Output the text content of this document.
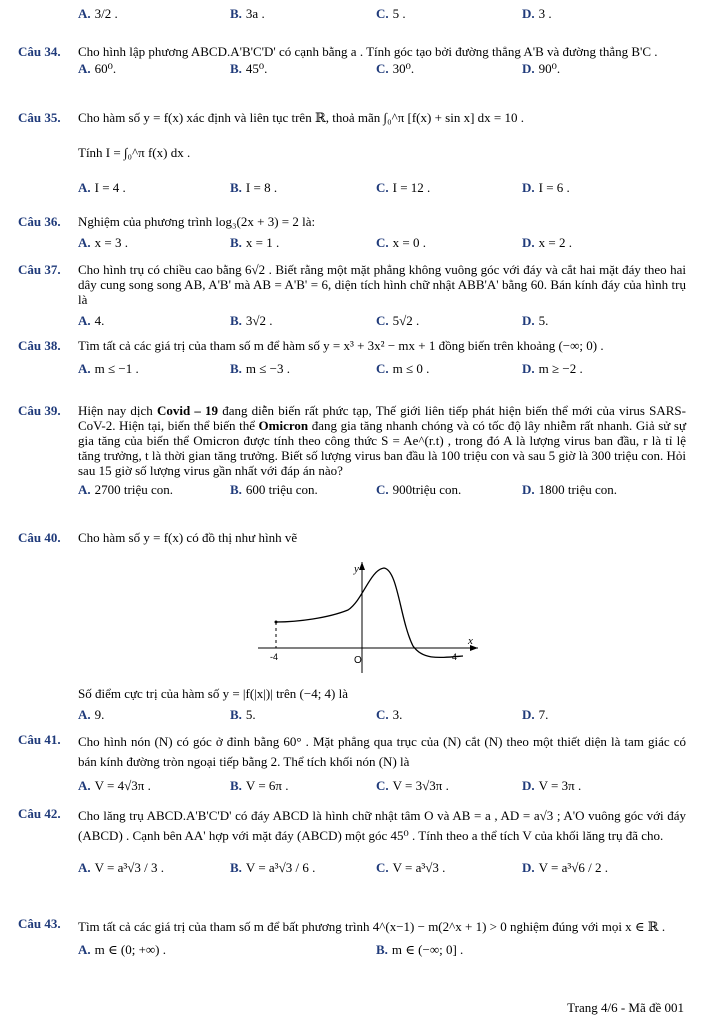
A. 3/2 .	B. 3a .	C. 5 .	D. 3 .
Câu 34. Cho hình lập phương ABCD.A'B'C'D' có cạnh bằng a . Tính góc tạo bởi đường thẳng A'B và đường thẳng B'C .

A. 60⁰.	B. 45⁰.	C. 30⁰.	D. 90⁰.
Câu 35. Cho hàm số y = f(x) xác định và liên tục trên ℝ, thoả mãn ∫₀^π [f(x) + sin x] dx = 10 .

Tính I = ∫₀^π f(x) dx .

A. I = 4 .	B. I = 8 .	C. I = 12 .	D. I = 6 .
Câu 36. Nghiệm của phương trình log₃(2x + 3) = 2 là:

A. x = 3 .	B. x = 1 .	C. x = 0 .	D. x = 2 .
Câu 37. Cho hình trụ có chiều cao bằng 6√2 . Biết rằng một mặt phẳng không vuông góc với đáy và cắt hai mặt đáy theo hai dây cung song song AB, A'B' mà AB = A'B' = 6, diện tích hình chữ nhật ABB'A' bằng 60. Bán kính đáy của hình trụ là

A. 4.	B. 3√2 .	C. 5√2 .	D. 5.
Câu 38. Tìm tất cả các giá trị của tham số m để hàm số y = x³ + 3x² − mx + 1 đồng biến trên khoảng (−∞; 0) .

A. m ≤ −1 .	B. m ≤ −3 .	C. m ≤ 0 .	D. m ≥ −2 .
Câu 39. Hiện nay dịch Covid – 19 đang diễn biến rất phức tạp, Thế giới liên tiếp phát hiện biến thể mới của virus SARS-CoV-2. Hiện tại, biến thể biến thể Omicron đang gia tăng nhanh chóng và có tốc độ lây nhiễm rất nhanh. Giả sử sự gia tăng của biến thể Omicron được tính theo công thức S = Ae^(r.t) , trong đó A là lượng virus ban đầu, r là tỉ lệ tăng trưởng, t là thời gian tăng trưởng. Biết số lượng virus ban đầu là 100 triệu con và sau 5 giờ là 300 triệu con. Hỏi sau 15 giờ số lượng virus gần nhất với đáp án nào?

A. 2700 triệu con.	B. 600 triệu con.	C. 900triệu con.	D. 1800 triệu con.
Câu 40. Cho hàm số y = f(x) có đồ thị như hình vẽ

y
x
O
-4	4

Số điểm cực trị của hàm số y = |f(|x|)| trên (−4; 4) là

A. 9.	B. 5.	C. 3.	D. 7.
Câu 41. Cho hình nón (N) có góc ở đỉnh bằng 60° . Mặt phẳng qua trục của (N) cắt (N) theo một thiết diện là tam giác có bán kính đường tròn ngoại tiếp bằng 2. Thể tích khối nón (N) là

A. V = 4√3π .	B. V = 6π .	C. V = 3√3π .	D. V = 3π .
Câu 42. Cho lăng trụ ABCD.A'B'C'D' có đáy ABCD là hình chữ nhật tâm O và AB = a , AD = a√3 ; A'O vuông góc với đáy (ABCD) . Cạnh bên AA' hợp với mặt đáy (ABCD) một góc 45⁰ . Tính theo a thể tích V của khối lăng trụ đã cho.

A. V = a³√3 / 3 .	B. V = a³√3 / 6 .	C. V = a³√3 .	D. V = a³√6 / 2 .
Câu 43. Tìm tất cả các giá trị của tham số m để bất phương trình 4^(x−1) − m(2^x + 1) > 0 nghiệm đúng với mọi x ∈ ℝ .

A. m ∈ (0; +∞) .	B. m ∈ (−∞; 0] .
Trang 4/6 - Mã đề 001
